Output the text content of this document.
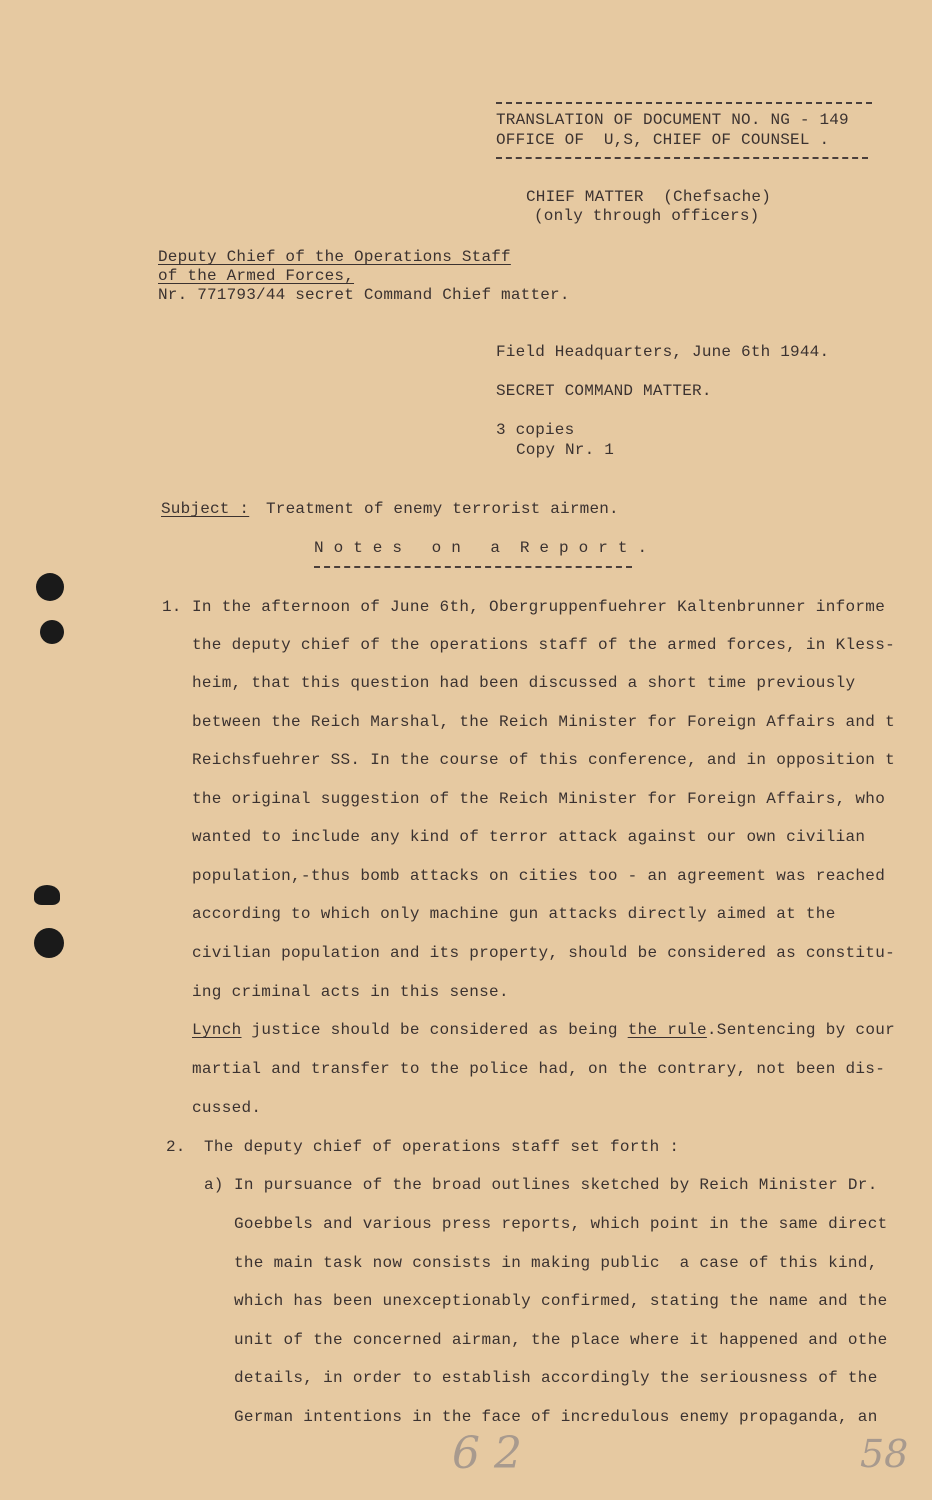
TRANSLATION OF DOCUMENT NO. NG - 149
OFFICE OF  U,S, CHIEF OF COUNSEL .
CHIEF MATTER  (Chefsache)
(only through officers)
Deputy Chief of the Operations Staff
of the Armed Forces,
Nr. 771793/44 secret Command Chief matter.
Field Headquarters, June 6th 1944.
SECRET COMMAND MATTER.
3 copies
Copy Nr. 1
Subject : Treatment of enemy terrorist airmen.
N o t e s   o n   a  R e p o r t .
1. In the afternoon of June 6th, Obergruppenfuehrer Kaltenbrunner informe
the deputy chief of the operations staff of the armed forces, in Kless-
heim, that this question had been discussed a short time previously
between the Reich Marshal, the Reich Minister for Foreign Affairs and t
Reichsfuehrer SS. In the course of this conference, and in opposition t
the original suggestion of the Reich Minister for Foreign Affairs, who
wanted to include any kind of terror attack against our own civilian
population,-thus bomb attacks on cities too - an agreement was reached
according to which only machine gun attacks directly aimed at the
civilian population and its property, should be considered as constitu-
ing criminal acts in this sense.
Lynch justice should be considered as being the rule.Sentencing by cour
martial and transfer to the police had, on the contrary, not been dis-
cussed.
2. The deputy chief of operations staff set forth :
a) In pursuance of the broad outlines sketched by Reich Minister Dr.
Goebbels and various press reports, which point in the same direct
the main task now consists in making public  a case of this kind,
which has been unexceptionably confirmed, stating the name and the
unit of the concerned airman, the place where it happened and othe
details, in order to establish accordingly the seriousness of the
German intentions in the face of incredulous enemy propaganda, an
6 2	58
